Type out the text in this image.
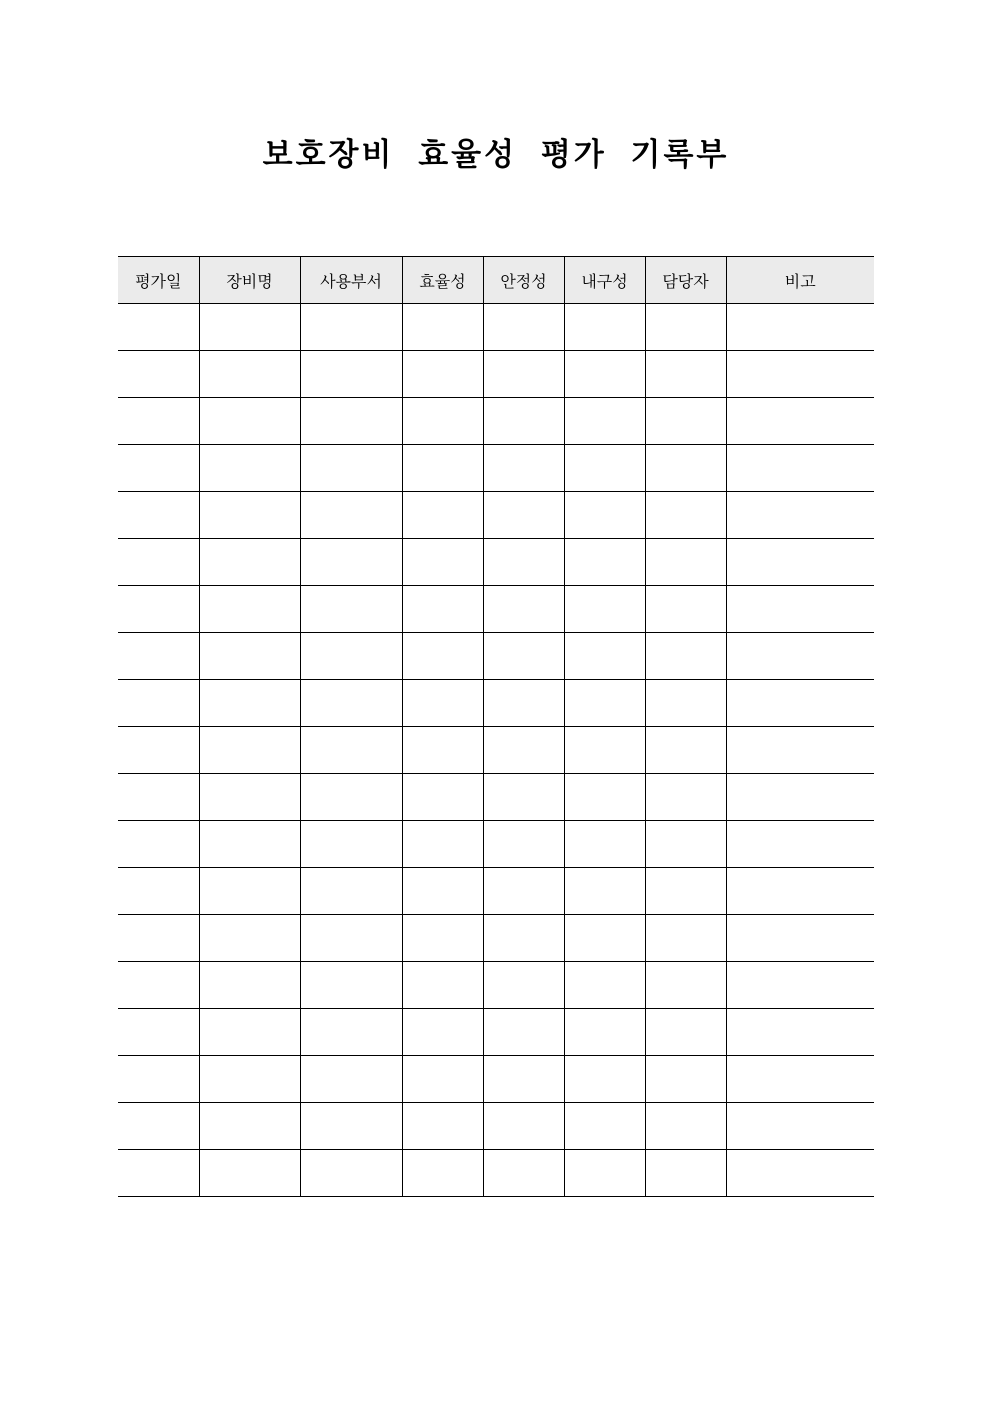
보호장비 효율성 평가 기록부
평가일	장비명	사용부서	효율성	안정성	내구성	담당자	비고
